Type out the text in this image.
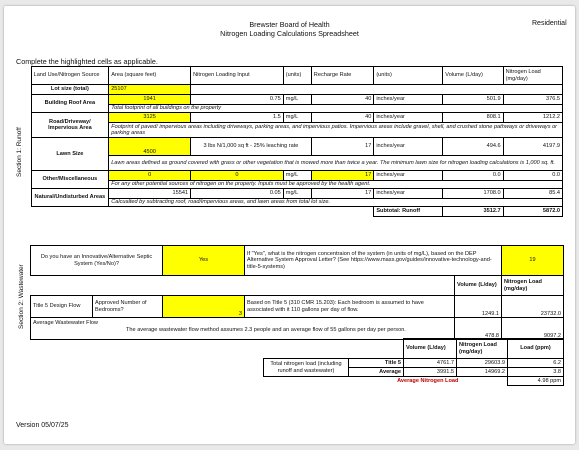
Brewster Board of Health
Nitrogen Loading Calculations Spreadsheet
Residential
Complete the highlighted cells as applicable.
Section 1: Runoff	Land Use/Nitrogen Source	Area (square feet)	Nitrogen Loading Input	(units)	Recharge Rate	(units)	Volume (L/day)	Nitrogen Load (mg/day)
	Lot size (total)	25107						
	Building Roof Area	1941	0.75	mg/L	40	inches/year	501.9	376.5
		Total footprint of all buildings on the property						
	Road/Driveway/ Impervious Area	3125	1.5	mg/L	40	inches/year	808.1	1212.2
		Footprint of paved/ impervious areas including driveways, parking areas, and impervious patios. Impervious areas include gravel, shell, and crushed stone pathways or driveways or parking areas						
	Lawn Size	4500	3 lbs N/1,000 sq ft - 25% leaching rate		17	inches/year	494.6	4197.9
		Lawn areas defined as ground covered with grass or other vegetation that is mowed more than twice a year. The minimum lawn size for nitrogen loading calculations is 1,000 sq. ft.						
	Other/Miscellaneous	0	0	mg/L	17	inches/year	0.0	0.0
		For any other potential sources of nitrogen on the property. Inputs must be approved by the health agent.						
	Natural/Undisturbed Areas	15541	0.05	mg/L	17	inches/year	1708.0	85.4
		Calcualted by subtracting roof, road/impervious areas, and lawn areas from total lot size.						
						Subtotal: Runoff	3512.7	5872.0
Section 2: Wastewater
Do you have an Innovative/Alternative Septic System (Yes/No)?		Yes	If "Yes", what is the nitrogen concentraion of the system (in units of mg/L), based on the DEP Alternative System Approval Letter? (See https://www.mass.gov/guides/innovative-technology-and-title-5-systems)		19
				Volume (L/day)	Nitrogen Load (mg/day)
Title 5 Design Flow	Approved Number of Bedrooms?	3	Based on Title 5 (310 CMR 15.203): Each bedroom is assumed to have associated with it 110 gallons per day of flow.	1249.1	23732.0

Average Wastewater Flow
The average wastewater flow method assumes 2.3 people and an average flow of 55 gallons per day per person.				478.8	9097.2
		Volume (L/day)	Nitrogen Load (mg/day)	Load (ppm)
Total nitrogen load (including runoff and wastewater)	Title 5	4761.7	29603.9	6.2
	Average	3991.5	14969.2	3.8
	Average Nitrogen Load			4.98 ppm
Version 05/07/25
